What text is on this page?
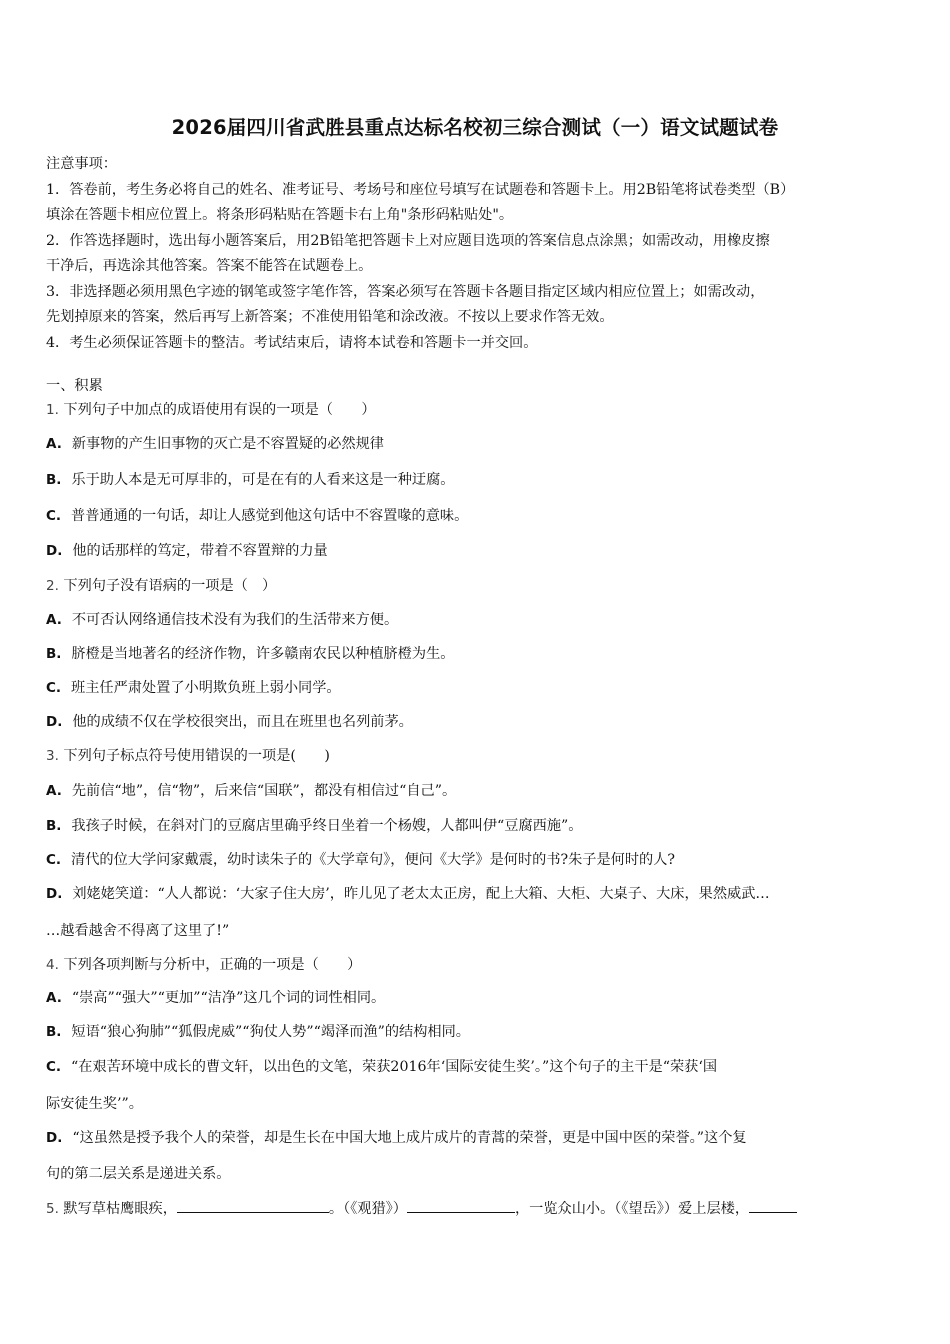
2026届四川省武胜县重点达标名校初三综合测试（一）语文试题试卷
注意事项：
1．答卷前，考生务必将自己的姓名、准考证号、考场号和座位号填写在试题卷和答题卡上。用2B铅笔将试卷类型（B）
填涂在答题卡相应位置上。将条形码粘贴在答题卡右上角"条形码粘贴处"。
2．作答选择题时，选出每小题答案后，用2B铅笔把答题卡上对应题目选项的答案信息点涂黑；如需改动，用橡皮擦
干净后，再选涂其他答案。答案不能答在试题卷上。
3．非选择题必须用黑色字迹的钢笔或签字笔作答，答案必须写在答题卡各题目指定区域内相应位置上；如需改动，
先划掉原来的答案，然后再写上新答案；不准使用铅笔和涂改液。不按以上要求作答无效。
4．考生必须保证答题卡的整洁。考试结束后，请将本试卷和答题卡一并交回。
一、积累
1. 下列句子中加点的成语使用有误的一项是（　　）
A. 新事物的产生旧事物的灭亡是不容置疑的必然规律
B. 乐于助人本是无可厚非的，可是在有的人看来这是一种迂腐。
C. 普普通通的一句话，却让人感觉到他这句话中不容置喙的意味。
D. 他的话那样的笃定，带着不容置辩的力量
2. 下列句子没有语病的一项是（　）
A. 不可否认网络通信技术没有为我们的生活带来方便。
B. 脐橙是当地著名的经济作物，许多赣南农民以种植脐橙为生。
C. 班主任严肃处置了小明欺负班上弱小同学。
D. 他的成绩不仅在学校很突出，而且在班里也名列前茅。
3. 下列句子标点符号使用错误的一项是(　　)
A. 先前信“地”，信“物”，后来信“国联”，都没有相信过“自己”。
B. 我孩子时候，在斜对门的豆腐店里确乎终日坐着一个杨嫂，人都叫伊“豆腐西施”。
C. 清代的位大学问家戴震，幼时读朱子的《大学章句》，便问《大学》是何时的书?朱子是何时的人?
D. 刘姥姥笑道：“人人都说：‘大家子住大房’，昨儿见了老太太正房，配上大箱、大柜、大桌子、大床，果然威武…
…越看越舍不得离了这里了!”
4. 下列各项判断与分析中，正确的一项是（　　）
A. “崇高”“强大”“更加”“洁净”这几个词的词性相同。
B. 短语“狼心狗肺”“狐假虎威”“狗仗人势”“竭泽而渔”的结构相同。
C. “在艰苦环境中成长的曹文轩，以出色的文笔，荣获2016年‘国际安徒生奖’。”这个句子的主干是“荣获‘国
际安徒生奖’”。
D. “这虽然是授予我个人的荣誉，却是生长在中国大地上成片成片的青蒿的荣誉，更是中国中医的荣誉。”这个复
句的第二层关系是递进关系。
5. 默写草枯鹰眼疾，	。（《观猎》）	，一览众山小。（《望岳》）爱上层楼，
